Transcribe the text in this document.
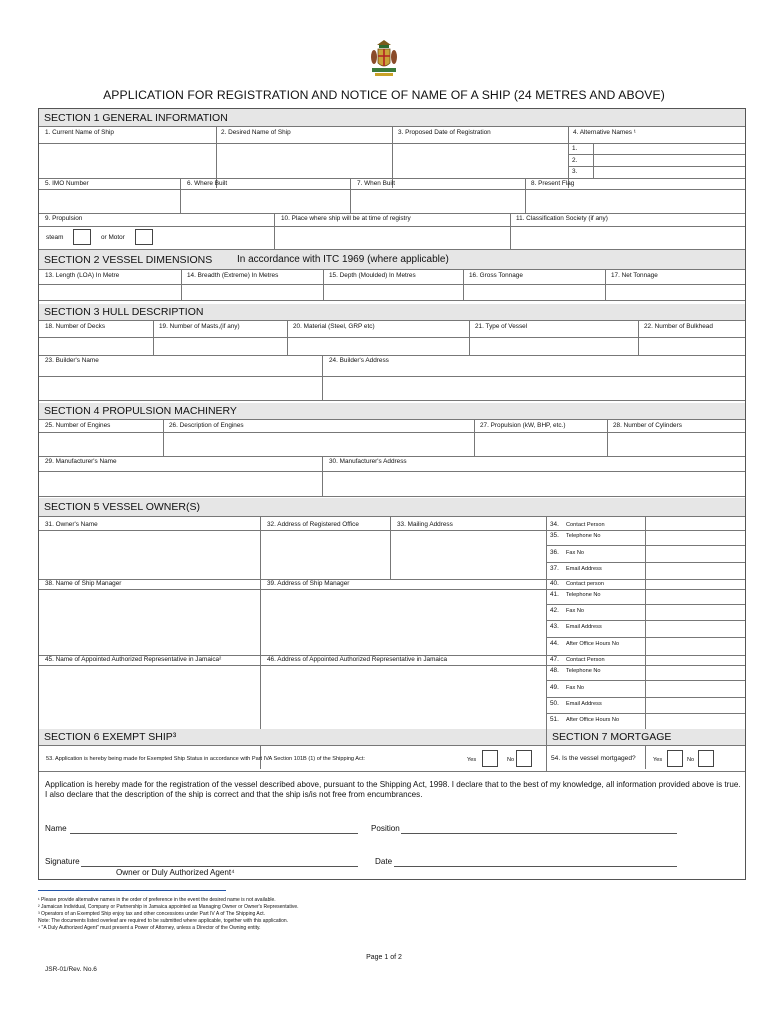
APPLICATION FOR REGISTRATION AND NOTICE OF NAME OF A SHIP (24 METRES AND ABOVE)
SECTION 1 GENERAL INFORMATION
1. Current Name of Ship	2. Desired Name of Ship	3. Proposed Date of Registration	4. Alternative Names ¹
1.
2.
3.
5. IMO Number	6. Where Built	7. When Built	8. Present Flag
9. Propulsion	10. Place where ship will be at time of registry	11. Classification Society (if any)
steam	or Motor
SECTION 2 VESSEL DIMENSIONS In accordance with ITC 1969 (where applicable)
13. Length (LOA) In Metre	14. Breadth (Extreme) In Metres	15. Depth (Moulded) In Metres	16. Gross Tonnage	17. Net Tonnage
SECTION 3 HULL DESCRIPTION
18. Number of Decks	19. Number of Masts,(if any)	20. Material (Steel, GRP etc)	21. Type of Vessel	22. Number of Bulkhead
23. Builder's Name	24. Builder's Address
SECTION 4 PROPULSION MACHINERY
25. Number of Engines	26. Description of Engines	27. Propulsion (kW, BHP, etc.)	28. Number of Cylinders
29. Manufacturer's Name	30. Manufacturer's Address
SECTION 5 VESSEL OWNER(S)
31. Owner's Name	32. Address of Registered Office	33. Mailing Address	34. Contact Person
35. Telephone No
36. Fax No
37. Email Address
38. Name of Ship Manager	39. Address of Ship Manager	40. Contact person
41. Telephone No
42. Fax No
43. Email Address
44. After Office Hours No
45. Name of Appointed Authorized Representative in Jamaica²	46. Address of Appointed Authorized Representative in Jamaica	47. Contact Person
48. Telephone No
49. Fax No
50. Email Address
51. After Office Hours No
SECTION 6 EXEMPT SHIP³	SECTION 7 MORTGAGE
53. Application is hereby being made for Exempted Ship Status in accordance with Part IVA Section 101B (1) of the Shipping Act:	Yes	No	54. Is the vessel mortgaged?	Yes	No
Application is hereby made for the registration of the vessel described above, pursuant to the Shipping Act, 1998. I declare that to the best of my knowledge, all information provided above is true. I also declare that the description of the ship is correct and that the ship is/is not free from encumbrances.
Name	Position
Signature	Date
Owner or Duly Authorized Agent⁴
¹ Please provide alternative names in the order of preference in the event the desired name is not available.
² Jamaican Individual, Company or Partnership in Jamaica appointed as Managing Owner or Owner's Representative.
³ Operators of an Exempted Ship enjoy tax and other concessions under Part IV A of The Shipping Act.
Note: The documents listed overleaf are required to be submitted where applicable, together with this application.
⁴ "A Duly Authorized Agent" must present a Power of Attorney, unless a Director of the Owning entity.
Page 1 of 2
JSR-01/Rev. No.6
